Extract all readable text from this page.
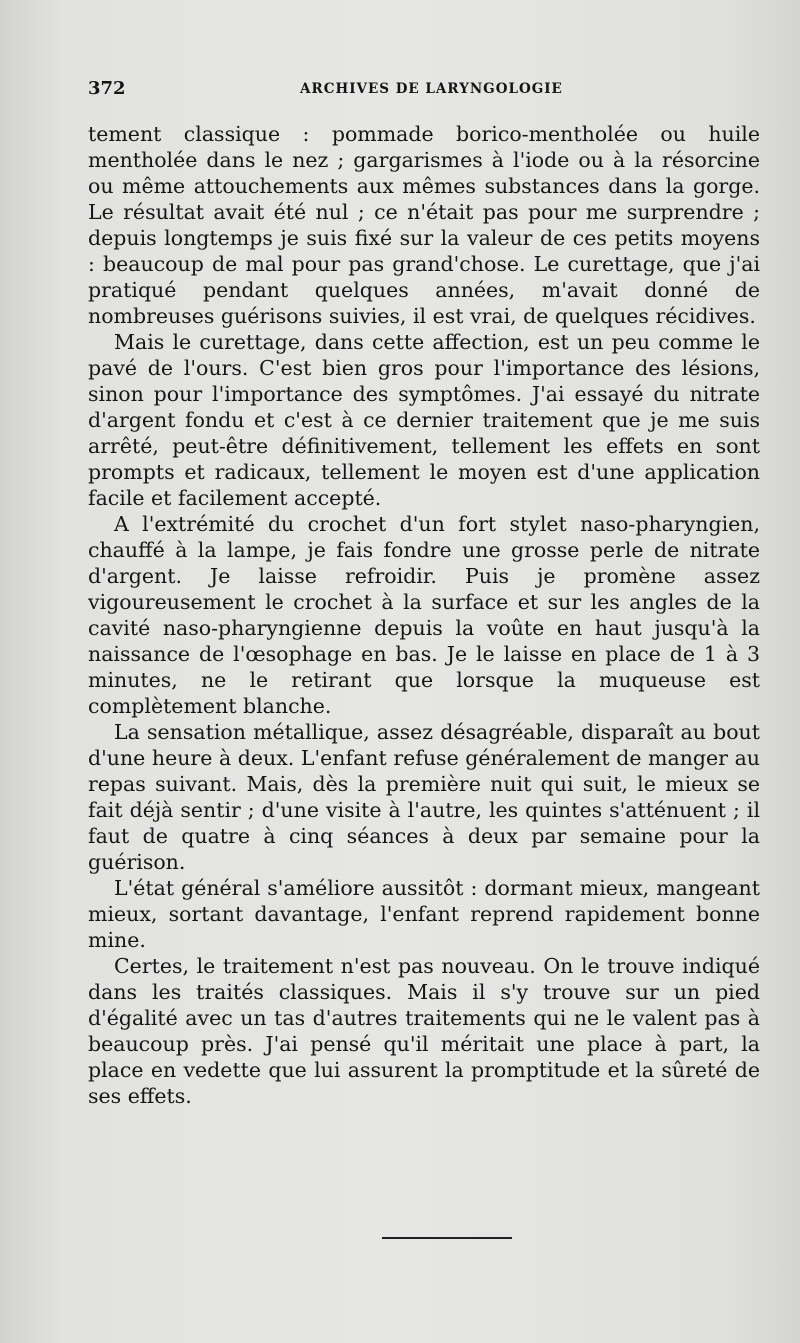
372	ARCHIVES DE LARYNGOLOGIE

tement classique : pommade borico-mentholée ou huile mentholée dans le nez ; gargarismes à l'iode ou à la résorcine ou même attouchements aux mêmes substances dans la gorge. Le résultat avait été nul ; ce n'était pas pour me surprendre ; depuis longtemps je suis fixé sur la valeur de ces petits moyens : beaucoup de mal pour pas grand'chose. Le curettage, que j'ai pratiqué pendant quelques années, m'avait donné de nombreuses guérisons suivies, il est vrai, de quelques récidives.

Mais le curettage, dans cette affection, est un peu comme le pavé de l'ours. C'est bien gros pour l'importance des lésions, sinon pour l'importance des symptômes. J'ai essayé du nitrate d'argent fondu et c'est à ce dernier traitement que je me suis arrêté, peut-être définitivement, tellement les effets en sont prompts et radicaux, tellement le moyen est d'une application facile et facilement accepté.

A l'extrémité du crochet d'un fort stylet naso-pharyngien, chauffé à la lampe, je fais fondre une grosse perle de nitrate d'argent. Je laisse refroidir. Puis je promène assez vigoureusement le crochet à la surface et sur les angles de la cavité naso-pharyngienne depuis la voûte en haut jusqu'à la naissance de l'œsophage en bas. Je le laisse en place de 1 à 3 minutes, ne le retirant que lorsque la muqueuse est complètement blanche.

La sensation métallique, assez désagréable, disparaît au bout d'une heure à deux. L'enfant refuse généralement de manger au repas suivant. Mais, dès la première nuit qui suit, le mieux se fait déjà sentir ; d'une visite à l'autre, les quintes s'atténuent ; il faut de quatre à cinq séances à deux par semaine pour la guérison.

L'état général s'améliore aussitôt : dormant mieux, mangeant mieux, sortant davantage, l'enfant reprend rapidement bonne mine.

Certes, le traitement n'est pas nouveau. On le trouve indiqué dans les traités classiques. Mais il s'y trouve sur un pied d'égalité avec un tas d'autres traitements qui ne le valent pas à beaucoup près. J'ai pensé qu'il méritait une place à part, la place en vedette que lui assurent la promptitude et la sûreté de ses effets.
